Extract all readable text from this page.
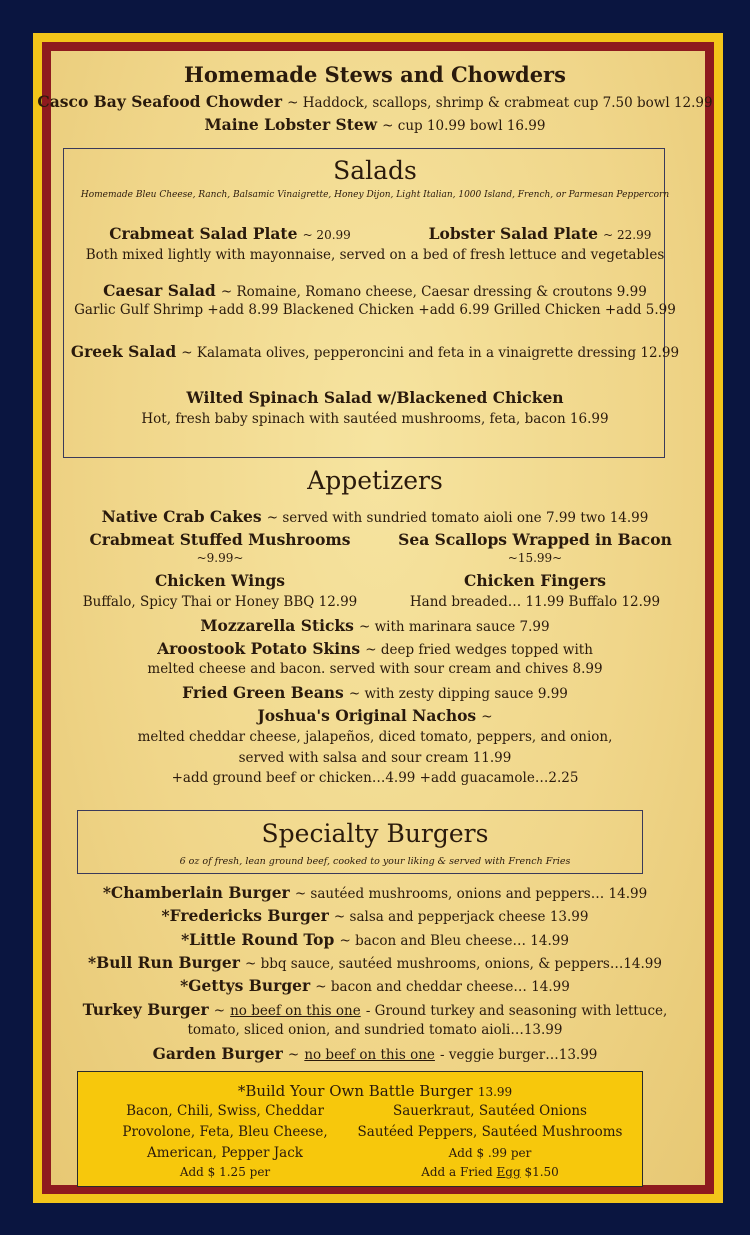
Homemade Stews and Chowders
Casco Bay Seafood Chowder ~ Haddock, scallops, shrimp & crabmeat cup 7.50 bowl 12.99
Maine Lobster Stew ~ cup 10.99 bowl 16.99
Salads
Homemade Bleu Cheese, Ranch, Balsamic Vinaigrette, Honey Dijon, Light Italian, 1000 Island, French, or Parmesan Peppercorn
Crabmeat Salad Plate ~ 20.99	Lobster Salad Plate ~ 22.99
Both mixed lightly with mayonnaise, served on a bed of fresh lettuce and vegetables
Caesar Salad ~ Romaine, Romano cheese, Caesar dressing & croutons 9.99
Garlic Gulf Shrimp +add 8.99 Blackened Chicken +add 6.99 Grilled Chicken +add 5.99
Greek Salad ~ Kalamata olives, pepperoncini and feta in a vinaigrette dressing 12.99
Wilted Spinach Salad w/Blackened Chicken
Hot, fresh baby spinach with sautéed mushrooms, feta, bacon 16.99
Appetizers
Native Crab Cakes ~ served with sundried tomato aioli one 7.99 two 14.99
Crabmeat Stuffed Mushrooms
~9.99~
Sea Scallops Wrapped in Bacon
~15.99~
Chicken Wings
Buffalo, Spicy Thai or Honey BBQ 12.99
Chicken Fingers
Hand breaded… 11.99 Buffalo 12.99
Mozzarella Sticks ~ with marinara sauce 7.99
Aroostook Potato Skins ~ deep fried wedges topped with
melted cheese and bacon. served with sour cream and chives 8.99
Fried Green Beans ~ with zesty dipping sauce 9.99
Joshua's Original Nachos ~
melted cheddar cheese, jalapeños, diced tomato, peppers, and onion,
served with salsa and sour cream 11.99
+add ground beef or chicken…4.99 +add guacamole…2.25
Specialty Burgers
6 oz of fresh, lean ground beef, cooked to your liking & served with French Fries
*Chamberlain Burger ~ sautéed mushrooms, onions and peppers… 14.99
*Fredericks Burger ~ salsa and pepperjack cheese 13.99
*Little Round Top ~ bacon and Bleu cheese… 14.99
*Bull Run Burger ~ bbq sauce, sautéed mushrooms, onions, & peppers…14.99
*Gettys Burger ~ bacon and cheddar cheese… 14.99
Turkey Burger ~ no beef on this one - Ground turkey and seasoning with lettuce,
tomato, sliced onion, and sundried tomato aioli…13.99
Garden Burger ~ no beef on this one - veggie burger…13.99
*Build Your Own Battle Burger 13.99
Bacon, Chili, Swiss, Cheddar
Provolone, Feta, Bleu Cheese,
American, Pepper Jack
Add $ 1.25 per
Sauerkraut, Sautéed Onions
Sautéed Peppers, Sautéed Mushrooms
Add $ .99 per
Add a Fried Egg $1.50
